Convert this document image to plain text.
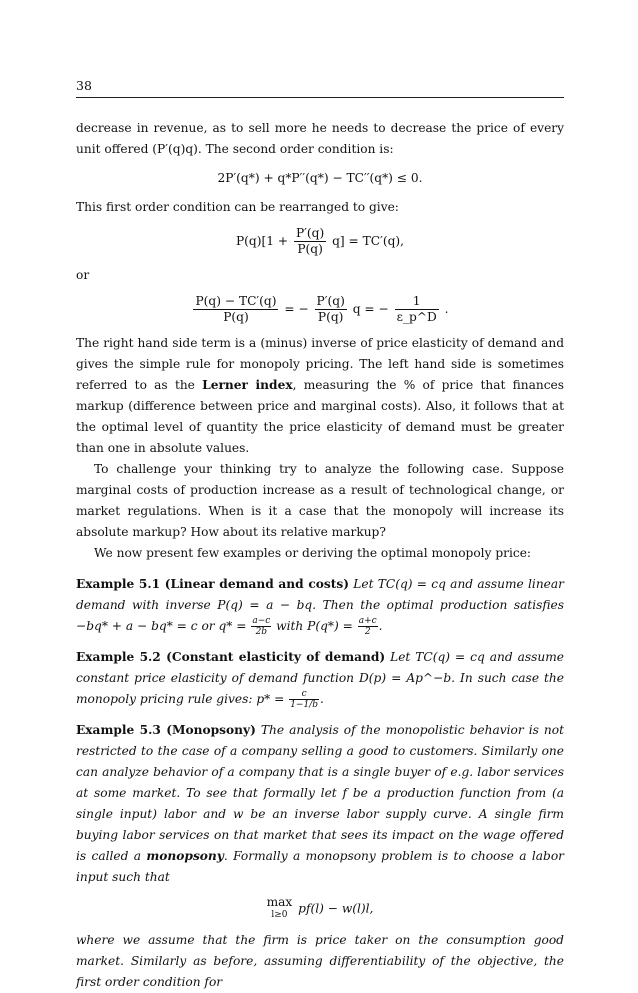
38

decrease in revenue, as to sell more he needs to decrease the price of every unit offered (P′(q)q). The second order condition is:

2P′(q*) + q*P′′(q*) − TC′′(q*) ≤ 0.

This first order condition can be rearranged to give:

$P(q)[1 + \frac{P'(q)}{P(q)} q] = TC'(q)$,

or

$\frac{P(q) - TC'(q)}{P(q)}$ = − $\frac{P'(q)}{P(q)}$ q = − $\frac{1}{\varepsilon\_p\^{}D}$ .

The right hand side term is a (minus) inverse of price elasticity of demand and gives the simple rule for monopoly pricing. The left hand side is sometimes referred to as the Lerner index, measuring the % of price that finances markup (difference between price and marginal costs). Also, it follows that at the optimal level of quantity the price elasticity of demand must be greater than one in absolute values.

To challenge your thinking try to analyze the following case. Suppose marginal costs of production increase as a result of technological change, or market regulations. When is it a case that the monopoly will increase its absolute markup? How about its relative markup?

We now present few examples or deriving the optimal monopoly price:

Example 5.1 (Linear demand and costs) Let TC(q) = cq and assume linear demand with inverse P(q) = a − bq. Then the optimal production satisfies −bq* + a − bq* = c or $q* = \frac{a-c}{2b}$ with $P(q*) = \frac{a+c}{2}$ .

Example 5.2 (Constant elasticity of demand) Let TC(q) = cq and assume constant price elasticity of demand function D(p) = Ap^−b. In such case the monopoly pricing rule gives: $p* = \frac{c}{1-1/b}$ .

Example 5.3 (Monopsony) The analysis of the monopolistic behavior is not restricted to the case of a company selling a good to customers. Similarly one can analyze behavior of a company that is a single buyer of e.g. labor services at some market. To see that formally let f be a production function from (a single input) labor and w be an inverse labor supply curve. A single firm buying labor services on that market that sees its impact on the wage offered is called a monopsony. Formally a monopsony problem is to choose a labor input such that

max
l≥0 pf(l) − w(l)l,

where we assume that the firm is price taker on the consumption good market. Similarly as before, assuming differentiability of the objective, the first order condition for
